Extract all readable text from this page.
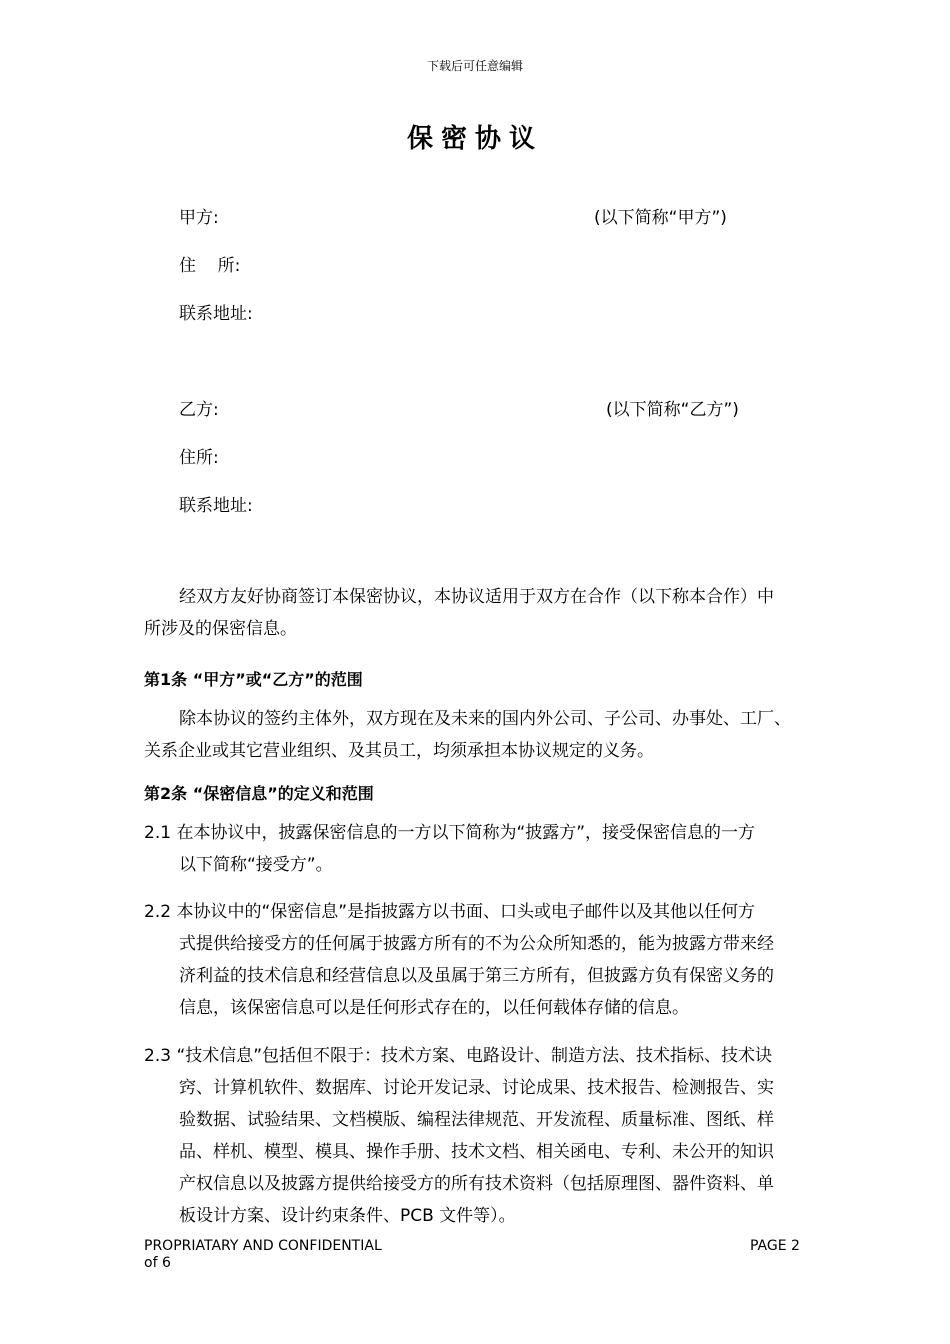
下载后可任意编辑
保密协议
甲方:	(以下简称“甲方”)
住    所:
联系地址:
乙方:	(以下简称“乙方”)
住所:
联系地址:
经双方友好协商签订本保密协议，本协议适用于双方在合作（以下称本合作）中
所涉及的保密信息。
第1条 “甲方”或“乙方”的范围
除本协议的签约主体外，双方现在及未来的国内外公司、子公司、办事处、工厂、
关系企业或其它营业组织、及其员工，均须承担本协议规定的义务。
第2条 “保密信息”的定义和范围
2.1 在本协议中，披露保密信息的一方以下简称为“披露方”，接受保密信息的一方
以下简称“接受方”。
2.2 本协议中的“保密信息”是指披露方以书面、口头或电子邮件以及其他以任何方
式提供给接受方的任何属于披露方所有的不为公众所知悉的，能为披露方带来经
济利益的技术信息和经营信息以及虽属于第三方所有，但披露方负有保密义务的
信息，该保密信息可以是任何形式存在的，以任何载体存储的信息。
2.3 “技术信息”包括但不限于：技术方案、电路设计、制造方法、技术指标、技术诀
窍、计算机软件、数据库、讨论开发记录、讨论成果、技术报告、检测报告、实
验数据、试验结果、文档模版、编程法律规范、开发流程、质量标准、图纸、样
品、样机、模型、模具、操作手册、技术文档、相关函电、专利、未公开的知识
产权信息以及披露方提供给接受方的所有技术资料（包括原理图、器件资料、单
板设计方案、设计约束条件、PCB 文件等）。
PROPRIATARY AND CONFIDENTIAL
of 6
PAGE 2
